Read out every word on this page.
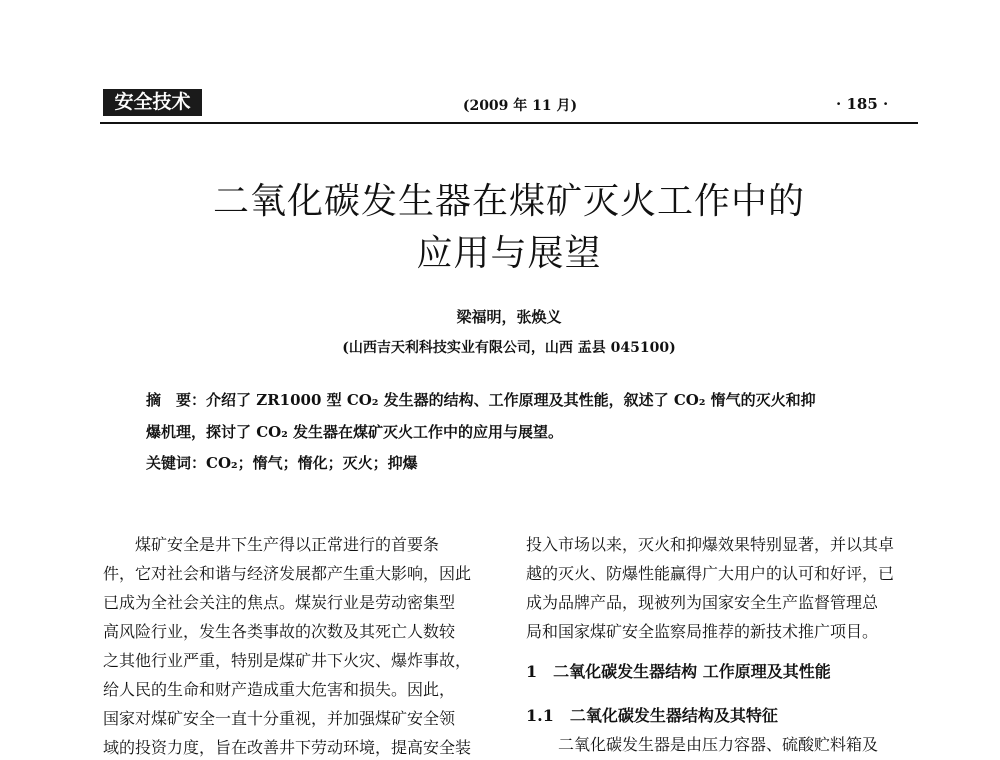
安全技术	(2009 年 11 月)	· 185 ·
二氧化碳发生器在煤矿灭火工作中的
应用与展望
梁福明，张焕义
(山西吉天利科技实业有限公司，山西 盂县 045100)
摘　要：介绍了 ZR1000 型 CO₂ 发生器的结构、工作原理及其性能，叙述了 CO₂ 惰气的灭火和抑
爆机理，探讨了 CO₂ 发生器在煤矿灭火工作中的应用与展望。
关键词：CO₂；惰气；惰化；灭火；抑爆
　　煤矿安全是井下生产得以正常进行的首要条
件，它对社会和谐与经济发展都产生重大影响，因此
已成为全社会关注的焦点。煤炭行业是劳动密集型
高风险行业，发生各类事故的次数及其死亡人数较
之其他行业严重，特别是煤矿井下火灾、爆炸事故，
给人民的生命和财产造成重大危害和损失。因此，
国家对煤矿安全一直十分重视，并加强煤矿安全领
域的投资力度，旨在改善井下劳动环境，提高安全装
投入市场以来，灭火和抑爆效果特别显著，并以其卓
越的灭火、防爆性能赢得广大用户的认可和好评，已
成为品牌产品，现被列为国家安全生产监督管理总
局和国家煤矿安全监察局推荐的新技术推广项目。
1　二氧化碳发生器结构 工作原理及其性能
1.1　二氧化碳发生器结构及其特征
　　二氧化碳发生器是由压力容器、硫酸贮料箱及
